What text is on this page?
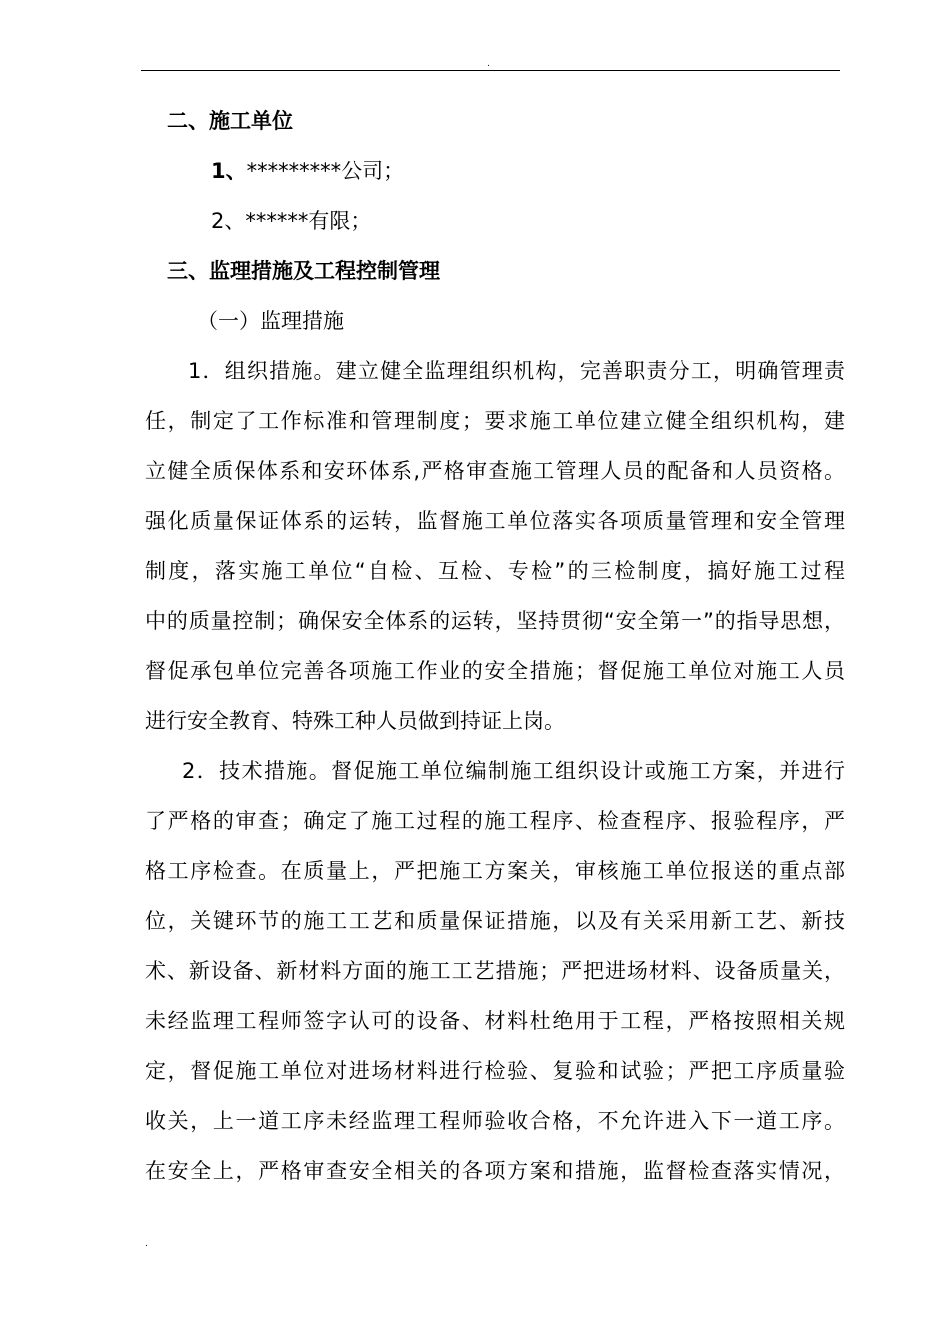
.
二、施工单位
1、*********公司；
2、******有限；
三、监理措施及工程控制管理
（一）监理措施
1．组织措施。建立健全监理组织机构，完善职责分工，明确管理责
任，制定了工作标准和管理制度；要求施工单位建立健全组织机构，建
立健全质保体系和安环体系,严格审查施工管理人员的配备和人员资格。
强化质量保证体系的运转，监督施工单位落实各项质量管理和安全管理
制度，落实施工单位“自检、互检、专检”的三检制度，搞好施工过程
中的质量控制；确保安全体系的运转，坚持贯彻“安全第一”的指导思想，
督促承包单位完善各项施工作业的安全措施；督促施工单位对施工人员
进行安全教育、特殊工种人员做到持证上岗。
2．技术措施。督促施工单位编制施工组织设计或施工方案，并进行
了严格的审查；确定了施工过程的施工程序、检查程序、报验程序，严
格工序检查。在质量上，严把施工方案关，审核施工单位报送的重点部
位，关键环节的施工工艺和质量保证措施，以及有关采用新工艺、新技
术、新设备、新材料方面的施工工艺措施；严把进场材料、设备质量关，
未经监理工程师签字认可的设备、材料杜绝用于工程，严格按照相关规
定，督促施工单位对进场材料进行检验、复验和试验；严把工序质量验
收关，上一道工序未经监理工程师验收合格，不允许进入下一道工序。
在安全上，严格审查安全相关的各项方案和措施，监督检查落实情况，
.
